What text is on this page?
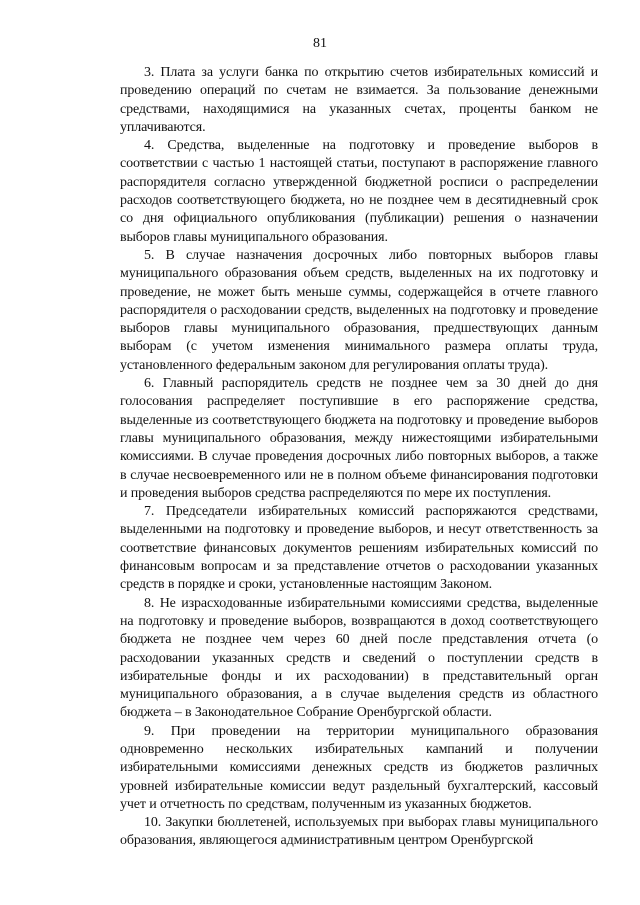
81

3. Плата за услуги банка по открытию счетов избирательных комиссий и проведению операций по счетам не взимается. За пользование денежными средствами, находящимися на указанных счетах, проценты банком не уплачиваются.

4. Средства, выделенные на подготовку и проведение выборов в соответствии с частью 1 настоящей статьи, поступают в распоряжение главного распорядителя согласно утвержденной бюджетной росписи о распределении расходов соответствующего бюджета, но не позднее чем в десятидневный срок со дня официального опубликования (публикации) решения о назначении выборов главы муниципального образования.

5. В случае назначения досрочных либо повторных выборов главы муниципального образования объем средств, выделенных на их подготовку и проведение, не может быть меньше суммы, содержащейся в отчете главного распорядителя о расходовании средств, выделенных на подготовку и проведение выборов главы муниципального образования, предшествующих данным выборам (с учетом изменения минимального размера оплаты труда, установленного федеральным законом для регулирования оплаты труда).

6. Главный распорядитель средств не позднее чем за 30 дней до дня голосования распределяет поступившие в его распоряжение средства, выделенные из соответствующего бюджета на подготовку и проведение выборов главы муниципального образования, между нижестоящими избирательными комиссиями. В случае проведения досрочных либо повторных выборов, а также в случае несвоевременного или не в полном объеме финансирования подготовки и проведения выборов средства распределяются по мере их поступления.

7. Председатели избирательных комиссий распоряжаются средствами, выделенными на подготовку и проведение выборов, и несут ответственность за соответствие финансовых документов решениям избирательных комиссий по финансовым вопросам и за представление отчетов о расходовании указанных средств в порядке и сроки, установленные настоящим Законом.

8. Не израсходованные избирательными комиссиями средства, выделенные на подготовку и проведение выборов, возвращаются в доход соответствующего бюджета не позднее чем через 60 дней после представления отчета (о расходовании указанных средств и сведений о поступлении средств в избирательные фонды и их расходовании) в представительный орган муниципального образования, а в случае выделения средств из областного бюджета – в Законодательное Собрание Оренбургской области.

9. При проведении на территории муниципального образования одновременно нескольких избирательных кампаний и получении избирательными комиссиями денежных средств из бюджетов различных уровней избирательные комиссии ведут раздельный бухгалтерский, кассовый учет и отчетность по средствам, полученным из указанных бюджетов.

10. Закупки бюллетеней, используемых при выборах главы муниципального образования, являющегося административным центром Оренбургской
